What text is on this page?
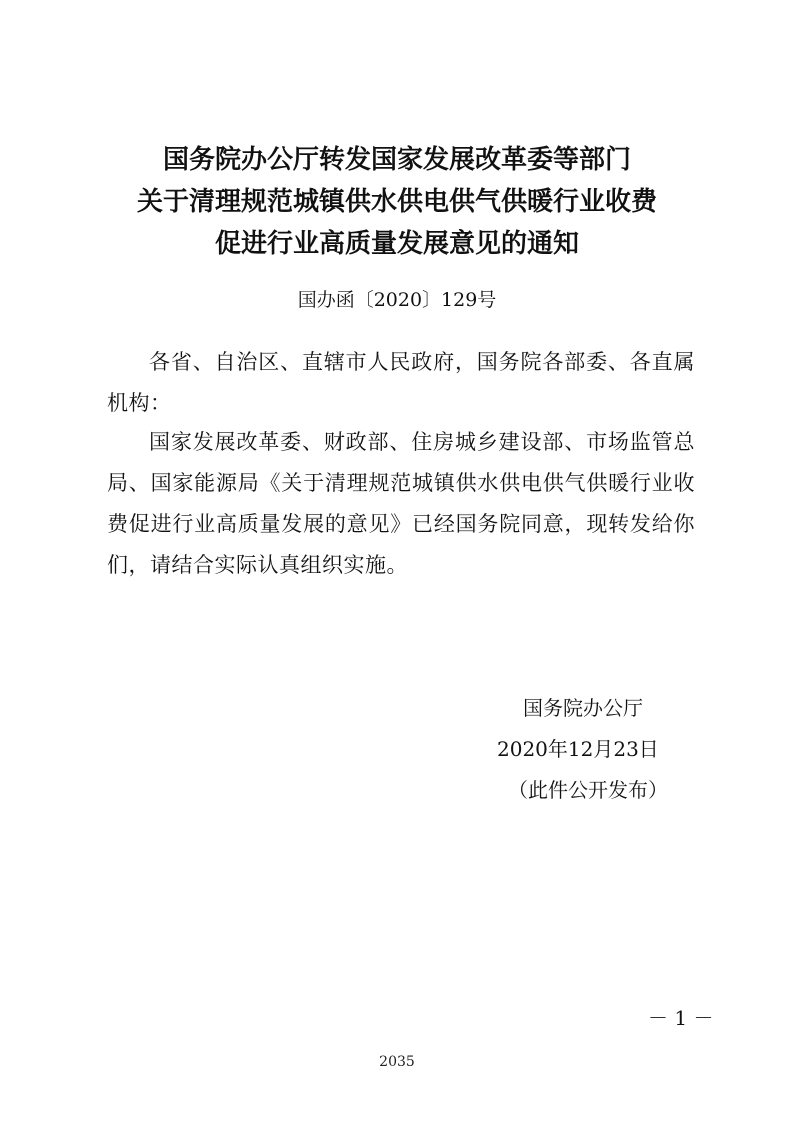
国务院办公厅转发国家发展改革委等部门
关于清理规范城镇供水供电供气供暖行业收费
促进行业高质量发展意见的通知
国办函〔2020〕129号

各省、自治区、直辖市人民政府，国务院各部委、各直属机构：

国家发展改革委、财政部、住房城乡建设部、市场监管总局、国家能源局《关于清理规范城镇供水供电供气供暖行业收费促进行业高质量发展的意见》已经国务院同意，现转发给你们，请结合实际认真组织实施。

国务院办公厅
2020年12月23日
（此件公开发布）
－ 1 －
2035
